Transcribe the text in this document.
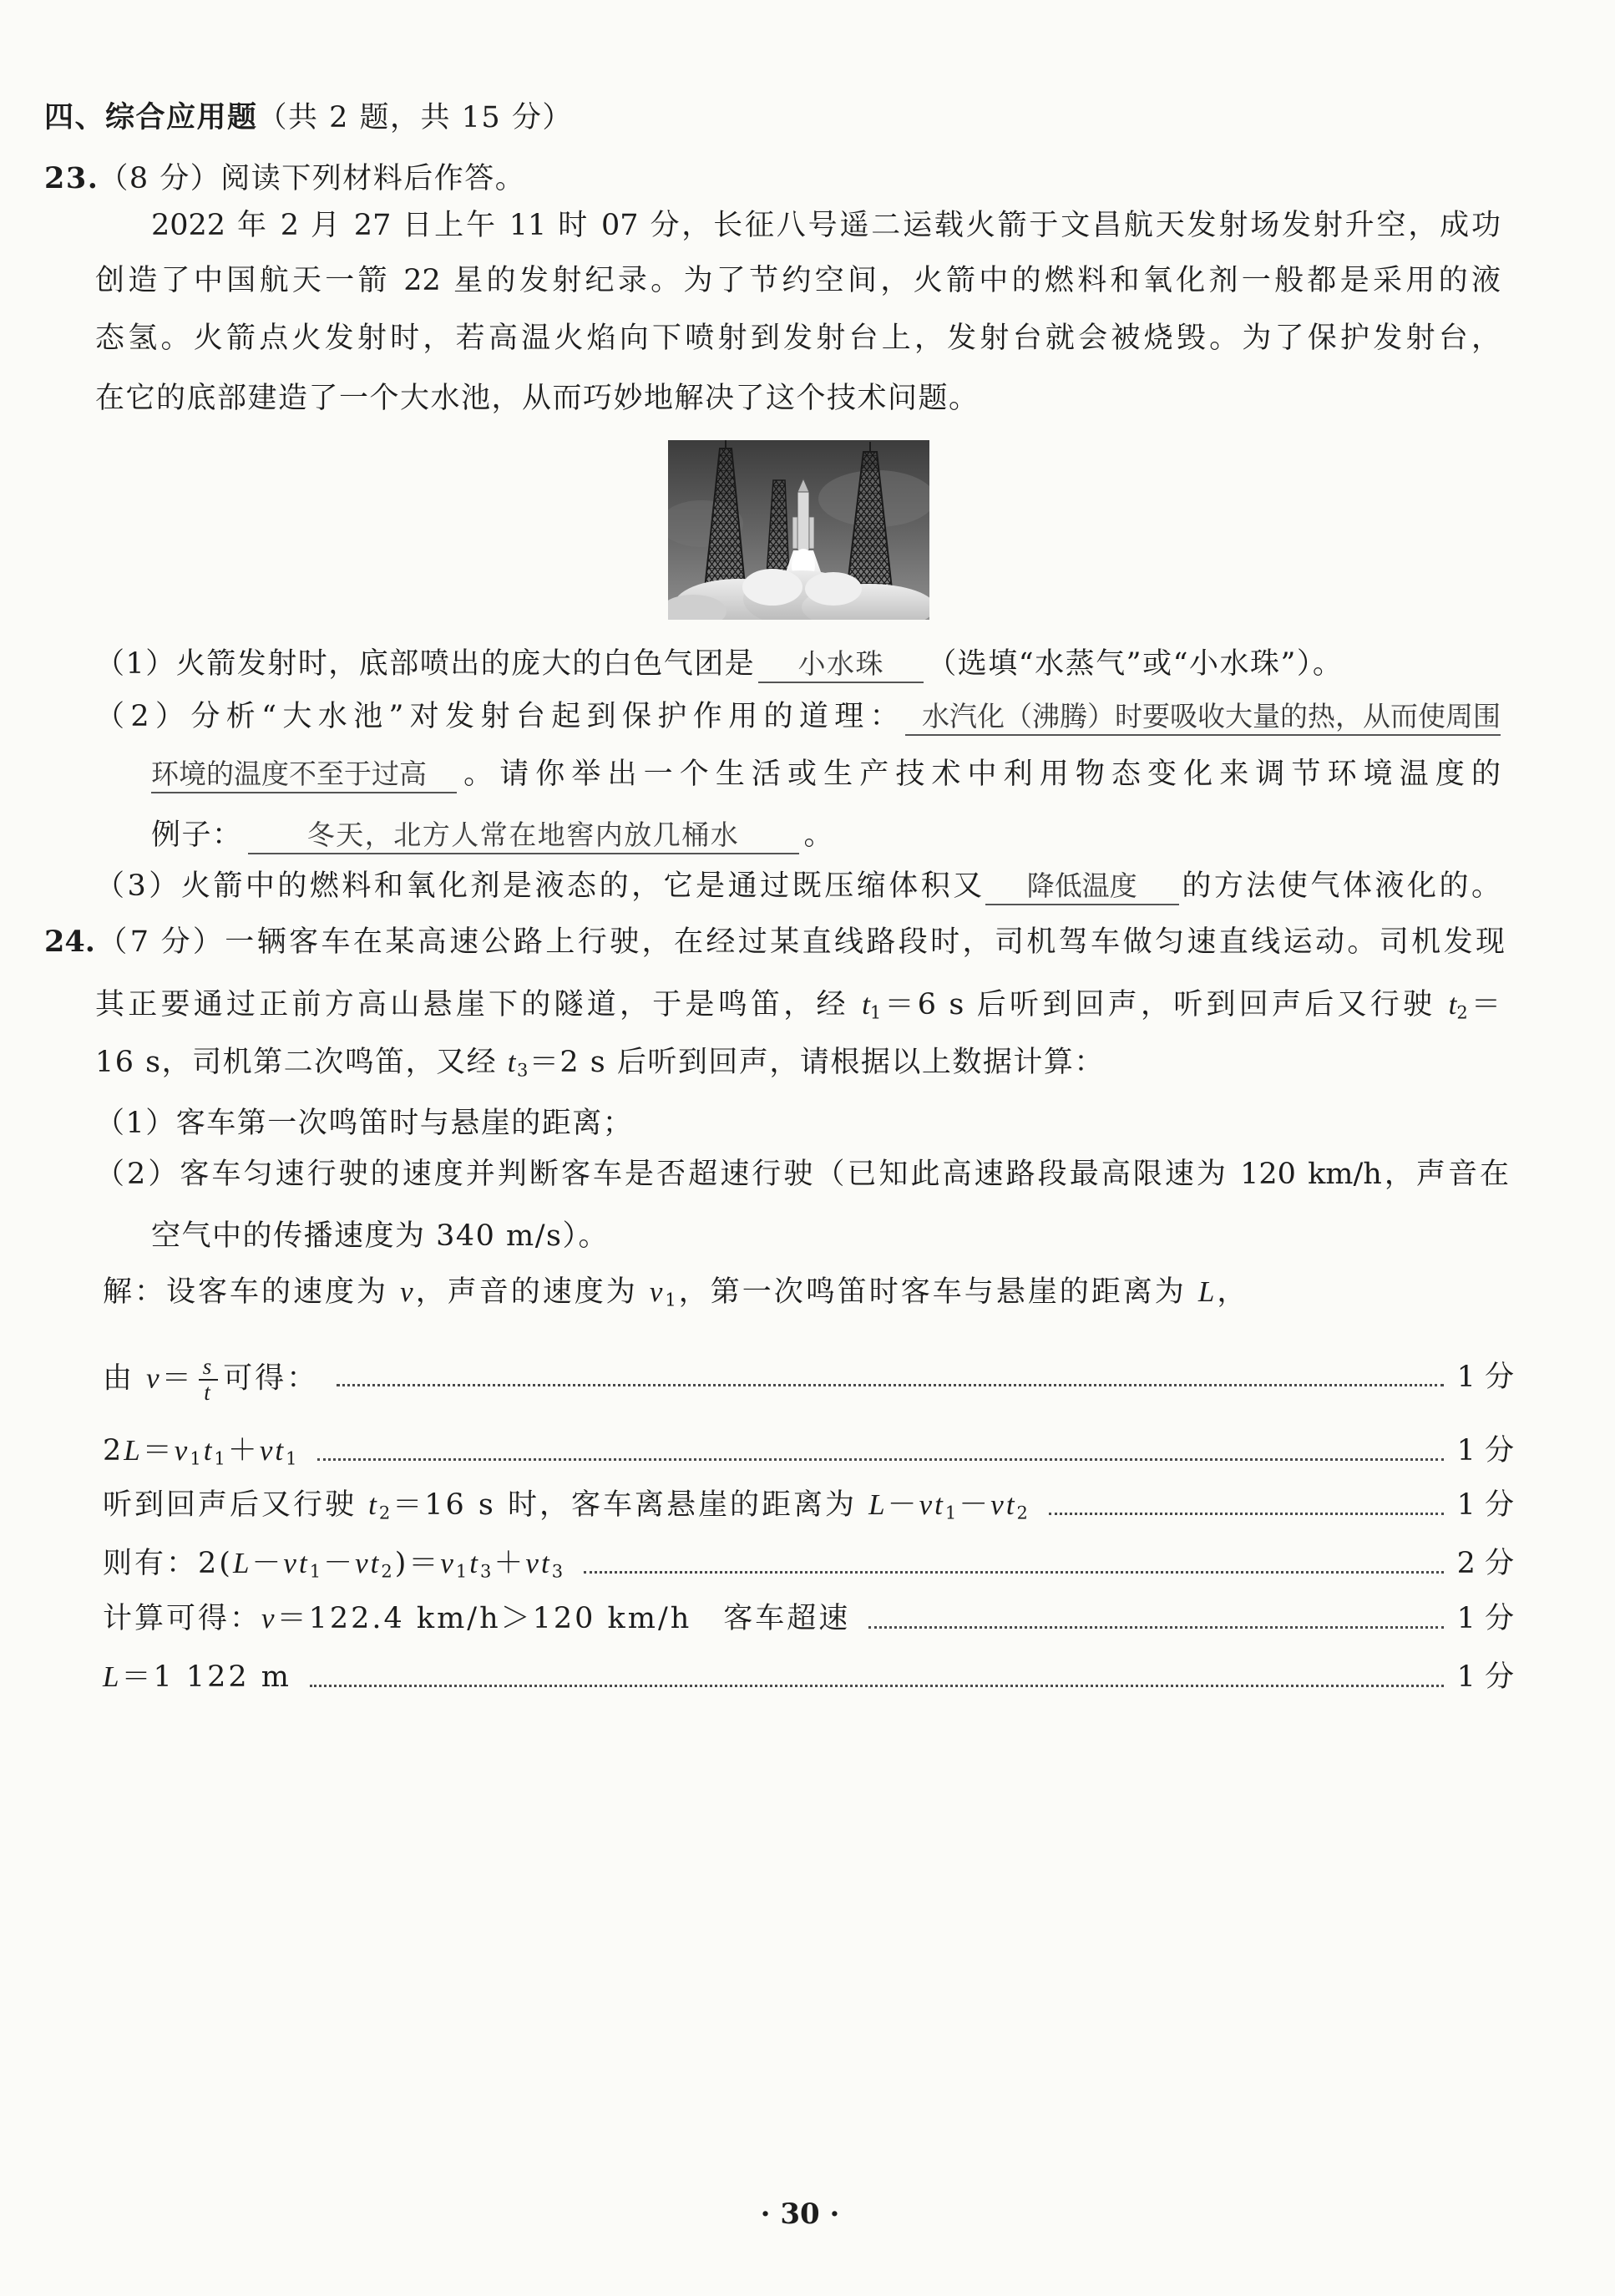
四、综合应用题（共 2 题，共 15 分）
23.（8 分）阅读下列材料后作答。
2022 年 2 月 27 日上午 11 时 07 分，长征八号遥二运载火箭于文昌航天发射场发射升空，成功
创造了中国航天一箭 22 星的发射纪录。为了节约空间，火箭中的燃料和氧化剂一般都是采用的液
态氢。火箭点火发射时，若高温火焰向下喷射到发射台上，发射台就会被烧毁。为了保护发射台，
在它的底部建造了一个大水池，从而巧妙地解决了这个技术问题。
（1）火箭发射时，底部喷出的庞大的白色气团是 小水珠 （选填“水蒸气”或“小水珠”）。
（2）分析“大水池”对发射台起到保护作用的道理： 水汽化（沸腾）时要吸收大量的热，从而使周围
环境的温度不至于过高 。请你举出一个生活或生产技术中利用物态变化来调节环境温度的
例子： 冬天，北方人常在地窖内放几桶水 。
（3）火箭中的燃料和氧化剂是液态的，它是通过既压缩体积又 降低温度 的方法使气体液化的。
24.（7 分）一辆客车在某高速公路上行驶，在经过某直线路段时，司机驾车做匀速直线运动。司机发现
其正要通过正前方高山悬崖下的隧道，于是鸣笛，经 $t_1=6$ s 后听到回声，听到回声后又行驶 $t_2=$
16 s，司机第二次鸣笛，又经 $t_3=2$ s 后听到回声，请根据以上数据计算：
（1）客车第一次鸣笛时与悬崖的距离；
（2）客车匀速行驶的速度并判断客车是否超速行驶（已知此高速路段最高限速为 120 km/h，声音在
空气中的传播速度为 340 m/s）。
解：设客车的速度为 v，声音的速度为 $v_1$，第一次鸣笛时客车与悬崖的距离为 L，
由 $v= \frac{s}{t}$ 可得：	1 分
$2L=v_1t_1+vt_1$	1 分
听到回声后又行驶 $t_2=16$ s 时，客车离悬崖的距离为 $L-vt_1-vt_2$	1 分
则有：$2(L-vt_1-vt_2)=v_1t_3+vt_3$	2 分
计算可得：v＝122.4 km/h＞120 km/h　客车超速	1 分
L＝1 122 m	1 分
· 30 ·
